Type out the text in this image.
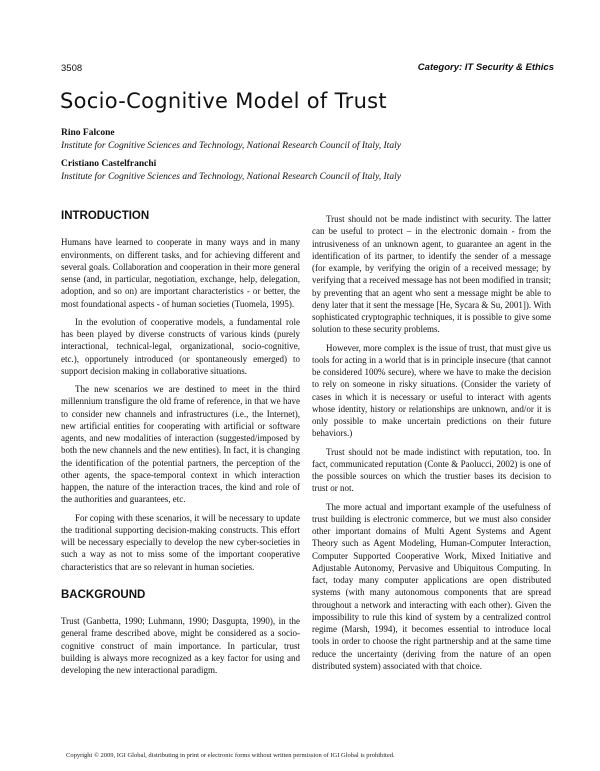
3508	Category: IT Security & Ethics
Socio-Cognitive Model of Trust
Rino Falcone
Institute for Cognitive Sciences and Technology, National Research Council of Italy, Italy
Cristiano Castelfranchi
Institute for Cognitive Sciences and Technology, National Research Council of Italy, Italy
INTRODUCTION

Humans have learned to cooperate in many ways and in many environments, on different tasks, and for achieving different and several goals. Collaboration and cooperation in their more general sense (and, in particular, negotiation, exchange, help, delegation, adoption, and so on) are important characteristics - or better, the most foundational aspects - of human societies (Tuomela, 1995).

In the evolution of cooperative models, a fundamental role has been played by diverse constructs of various kinds (purely interactional, technical-legal, organizational, socio-cognitive, etc.), opportunely introduced (or spontaneously emerged) to support decision making in collaborative situations.

The new scenarios we are destined to meet in the third millennium transfigure the old frame of reference, in that we have to consider new channels and infrastructures (i.e., the Internet), new artificial entities for cooperating with artificial or software agents, and new modalities of interaction (suggested/imposed by both the new channels and the new entities). In fact, it is changing the identification of the potential partners, the perception of the other agents, the space-temporal context in which interaction happen, the nature of the interaction traces, the kind and role of the authorities and guarantees, etc.

For coping with these scenarios, it will be necessary to update the traditional supporting decision-making constructs. This effort will be necessary especially to develop the new cyber-societies in such a way as not to miss some of the important cooperative characteristics that are so relevant in human societies.

BACKGROUND

Trust (Ganbetta, 1990; Luhmann, 1990; Dasgupta, 1990), in the general frame described above, might be considered as a socio-cognitive construct of main importance. In particular, trust building is always more recognized as a key factor for using and developing the new interactional paradigm.

Trust should not be made indistinct with security. The latter can be useful to protect – in the electronic domain - from the intrusiveness of an unknown agent, to guarantee an agent in the identification of its partner, to identify the sender of a message (for example, by verifying the origin of a received message; by verifying that a received message has not been modified in transit; by preventing that an agent who sent a message might be able to deny later that it sent the message [He, Sycara & Su, 2001]). With sophisticated cryptographic techniques, it is possible to give some solution to these security problems.

However, more complex is the issue of trust, that must give us tools for acting in a world that is in principle insecure (that cannot be considered 100% secure), where we have to make the decision to rely on someone in risky situations. (Consider the variety of cases in which it is necessary or useful to interact with agents whose identity, history or relationships are unknown, and/or it is only possible to make uncertain predictions on their future behaviors.)

Trust should not be made indistinct with reputation, too. In fact, communicated reputation (Conte & Paolucci, 2002) is one of the possible sources on which the trustier bases its decision to trust or not.

The more actual and important example of the usefulness of trust building is electronic commerce, but we must also consider other important domains of Multi Agent Systems and Agent Theory such as Agent Modeling, Human-Computer Interaction, Computer Supported Cooperative Work, Mixed Initiative and Adjustable Autonomy, Pervasive and Ubiquitous Computing. In fact, today many computer applications are open distributed systems (with many autonomous components that are spread throughout a network and interacting with each other). Given the impossibility to rule this kind of system by a centralized control regime (Marsh, 1994), it becomes essential to introduce local tools in order to choose the right partnership and at the same time reduce the uncertainty (deriving from the nature of an open distributed system) associated with that choice.

Copyright © 2009, IGI Global, distributing in print or electronic forms without written permission of IGI Global is prohibited.
